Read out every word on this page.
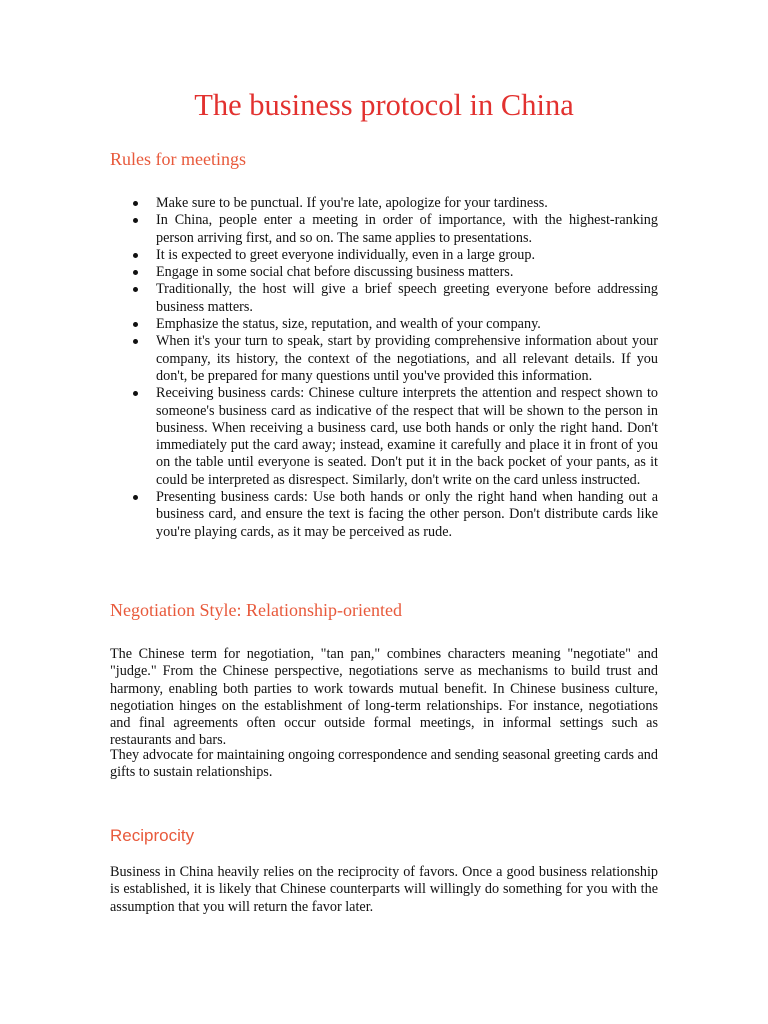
The business protocol in China
Rules for meetings
Make sure to be punctual. If you're late, apologize for your tardiness.
In China, people enter a meeting in order of importance, with the highest-ranking person arriving first, and so on. The same applies to presentations.
It is expected to greet everyone individually, even in a large group.
Engage in some social chat before discussing business matters.
Traditionally, the host will give a brief speech greeting everyone before addressing business matters.
Emphasize the status, size, reputation, and wealth of your company.
When it's your turn to speak, start by providing comprehensive information about your company, its history, the context of the negotiations, and all relevant details. If you don't, be prepared for many questions until you've provided this information.
Receiving business cards: Chinese culture interprets the attention and respect shown to someone's business card as indicative of the respect that will be shown to the person in business. When receiving a business card, use both hands or only the right hand. Don't immediately put the card away; instead, examine it carefully and place it in front of you on the table until everyone is seated. Don't put it in the back pocket of your pants, as it could be interpreted as disrespect. Similarly, don't write on the card unless instructed.
Presenting business cards: Use both hands or only the right hand when handing out a business card, and ensure the text is facing the other person. Don't distribute cards like you're playing cards, as it may be perceived as rude.
Negotiation Style: Relationship-oriented

The Chinese term for negotiation, "tan pan," combines characters meaning "negotiate" and "judge." From the Chinese perspective, negotiations serve as mechanisms to build trust and harmony, enabling both parties to work towards mutual benefit. In Chinese business culture, negotiation hinges on the establishment of long-term relationships. For instance, negotiations and final agreements often occur outside formal meetings, in informal settings such as restaurants and bars.

They advocate for maintaining ongoing correspondence and sending seasonal greeting cards and gifts to sustain relationships.

Reciprocity

Business in China heavily relies on the reciprocity of favors. Once a good business relationship is established, it is likely that Chinese counterparts will willingly do something for you with the assumption that you will return the favor later.
